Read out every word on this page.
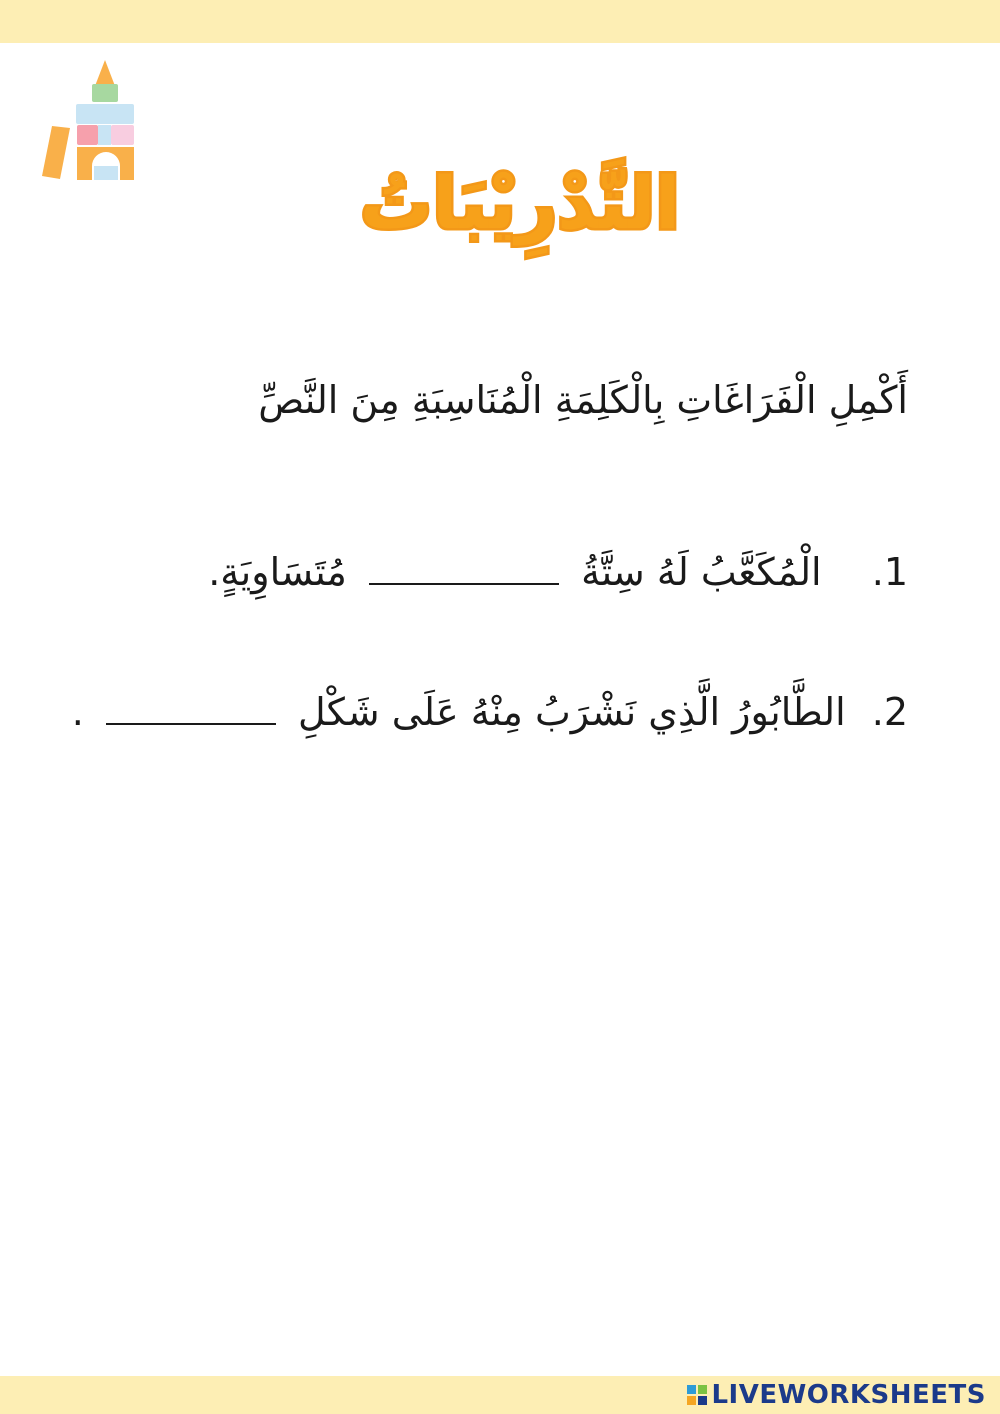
التَّدْرِيْبَاتُ
أَكْمِلِ الْفَرَاغَاتِ بِالْكَلِمَةِ الْمُنَاسِبَةِ مِنَ النَّصِّ
1. الْمُكَعَّبُ لَهُ سِتَّةُ  مُتَسَاوِيَةٍ.
2. الطَّابُورُ الَّذِي نَشْرَبُ مِنْهُ عَلَى شَكْلِ  .
LIVEWORKSHEETS
